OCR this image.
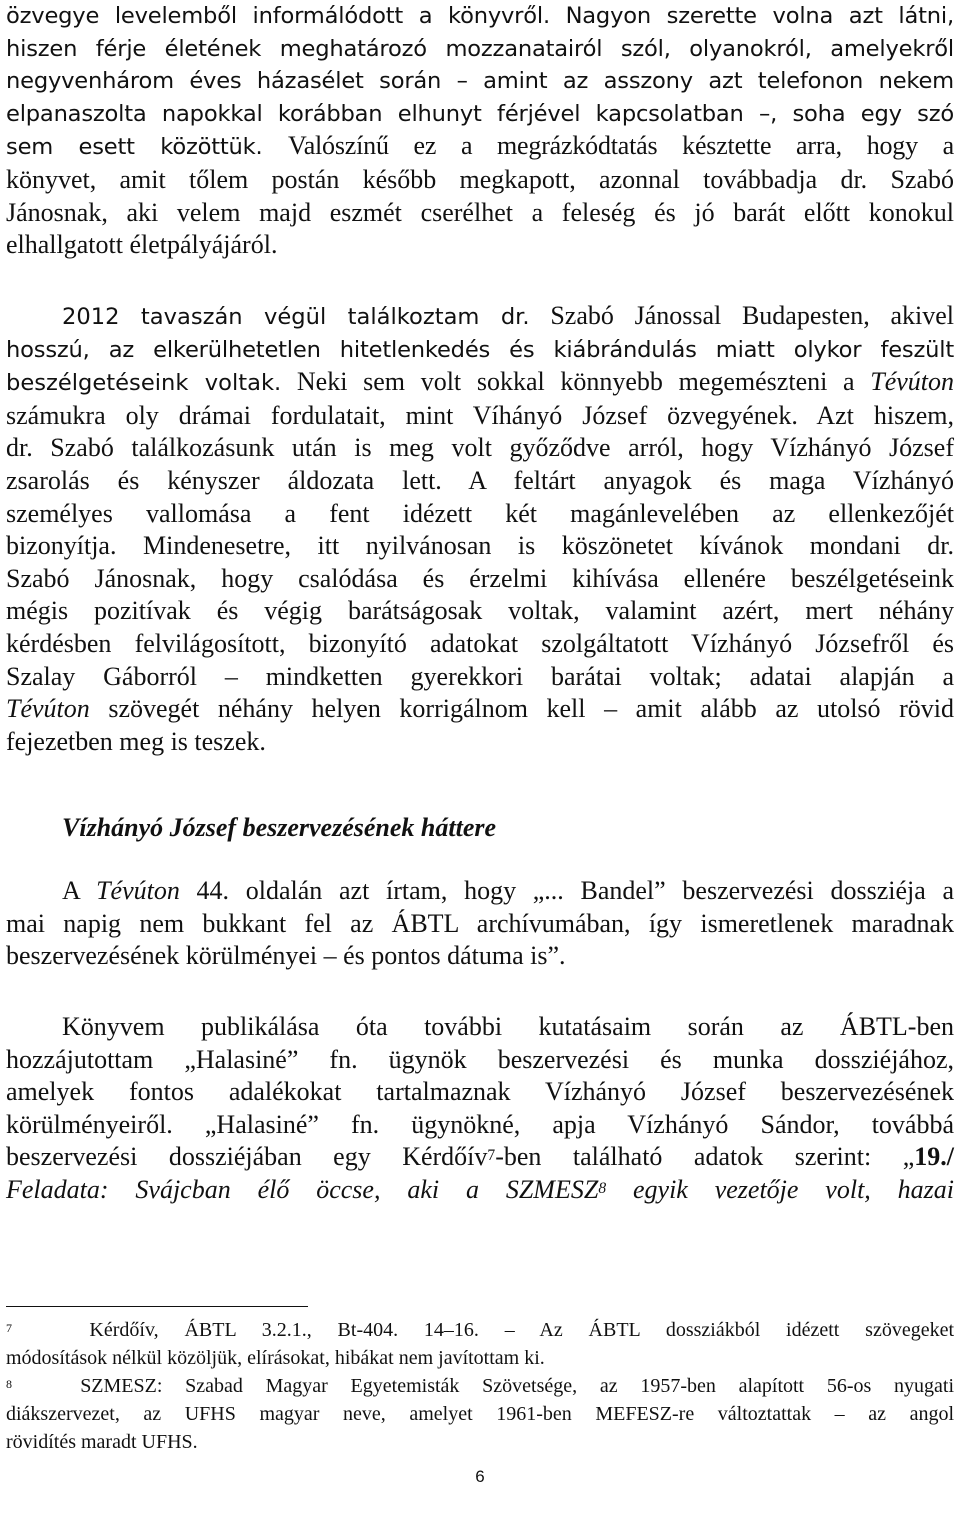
özvegye levelemből informálódott a könyvről. Nagyon szerette volna azt látni,

hiszen férje életének meghatározó mozzanatairól szól, olyanokról, amelyekről

negyvenhárom éves házasélet során – amint az asszony azt telefonon nekem

elpanaszolta napokkal korábban elhunyt férjével kapcsolatban –, soha egy szó

sem esett közöttük. Valószínű ez a megrázkódtatás késztette arra, hogy a

könyvet, amit tőlem postán később megkapott, azonnal továbbadja dr. Szabó

Jánosnak, aki velem majd eszmét cserélhet a feleség és jó barát előtt konokul

elhallgatott életpályájáról.

2012 tavaszán végül találkoztam dr. Szabó Jánossal Budapesten, akivel

hosszú, az elkerülhetetlen hitetlenkedés és kiábrándulás miatt olykor feszült

beszélgetéseink voltak. Neki sem volt sokkal könnyebb megemészteni a Tévúton

számukra oly drámai fordulatait, mint Víhányó József özvegyének. Azt hiszem,

dr. Szabó találkozásunk után is meg volt győződve arról, hogy Vízhányó József

zsarolás és kényszer áldozata lett. A feltárt anyagok és maga Vízhányó

személyes vallomása a fent idézett két magánlevelében az ellenkezőjét

bizonyítja. Mindenesetre, itt nyilvánosan is köszönetet kívánok mondani dr.

Szabó Jánosnak, hogy csalódása és érzelmi kihívása ellenére beszélgetéseink

mégis pozitívak és végig barátságosak voltak, valamint azért, mert néhány

kérdésben felvilágosított, bizonyító adatokat szolgáltatott Vízhányó Józsefről és

Szalay Gáborról – mindketten gyerekkori barátai voltak; adatai alapján a

Tévúton szövegét néhány helyen korrigálnom kell – amit alább az utolsó rövid

fejezetben meg is teszek.

Vízhányó József beszervezésének háttere

A Tévúton 44. oldalán azt írtam, hogy „... Bandel” beszervezési dossziéja a

mai napig nem bukkant fel az ÁBTL archívumában, így ismeretlenek maradnak

beszervezésének körülményei – és pontos dátuma is”.

Könyvem publikálása óta további kutatásaim során az ÁBTL-ben

hozzájutottam „Halasiné” fn. ügynök beszervezési és munka dossziéjához,

amelyek fontos adalékokat tartalmaznak Vízhányó József beszervezésének

körülményeiről. „Halasiné” fn. ügynökné, apja Vízhányó Sándor, továbbá

beszervezési dossziéjában egy Kérdőív$^7$-ben található adatok szerint: „19./

Feladata: Svájcban élő öccse, aki a SZMESZ$^8$ egyik vezetője volt, hazai

$^7$	Kérdőív, ÁBTL 3.2.1., Bt-404. 14–16. – Az ÁBTL dossziákból idézett szövegeket

módosítások nélkül közöljük, elírásokat, hibákat nem javítottam ki.

$^8$	SZMESZ: Szabad Magyar Egyetemisták Szövetsége, az 1957-ben alapított 56-os nyugati

diákszervezet, az UFHS magyar neve, amelyet 1961-ben MEFESZ-re változtattak – az angol

rövidítés maradt UFHS.

6
